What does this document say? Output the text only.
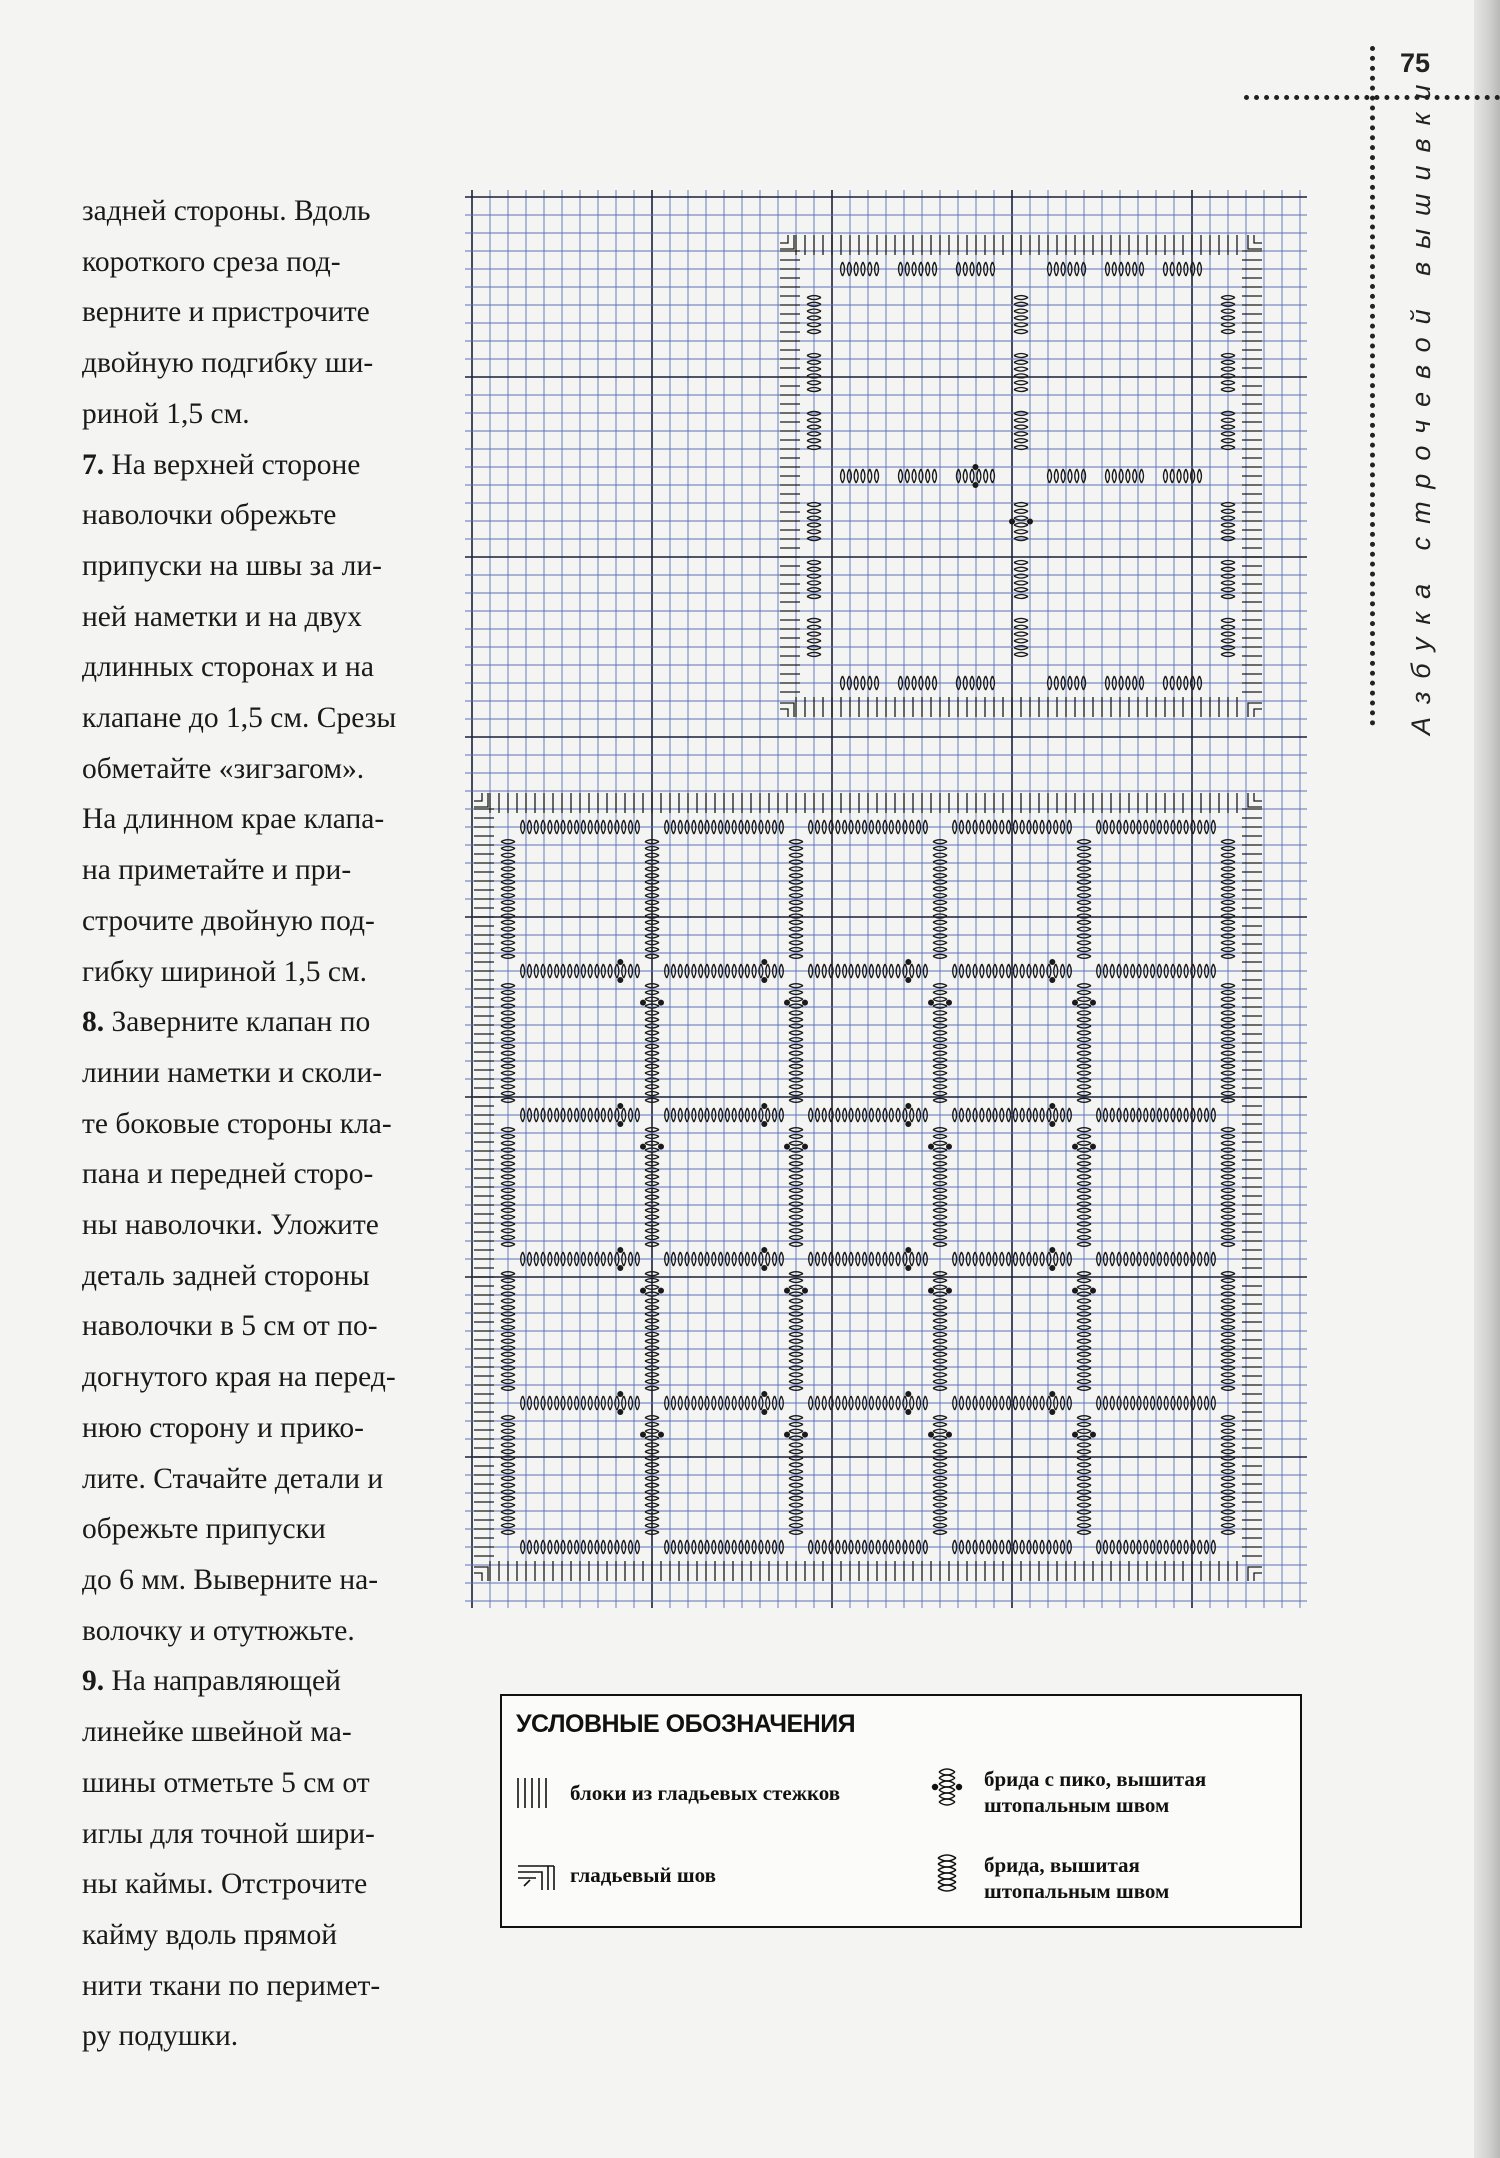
75
Азбука строчевой вышивки
задней стороны. Вдоль
короткого среза под-
верните и пристрочите
двойную подгибку ши-
риной 1,5 см.
7. На верхней стороне
наволочки обрежьте
припуски на швы за ли-
ней наметки и на двух
длинных сторонах и на
клапане до 1,5 см. Срезы
обметайте «зигзагом».
На длинном крае клапа-
на приметайте и при-
строчите двойную под-
гибку шириной 1,5 см.
8. Заверните клапан по
линии наметки и сколи-
те боковые стороны кла-
пана и передней сторо-
ны наволочки. Уложите
деталь задней стороны
наволочки в 5 см от по-
догнутого края на перед-
нюю сторону и прико-
лите. Стачайте детали и
обрежьте припуски
до 6 мм. Выверните на-
волочку и отутюжьте.
9. На направляющей
линейке швейной ма-
шины отметьте 5 см от
иглы для точной шири-
ны каймы. Отстрочите
кайму вдоль прямой
нити ткани по перимет-
ру подушки.
УСЛОВНЫЕ ОБОЗНАЧЕНИЯ
блоки из гладьевых стежков
гладьевый шов
брида с пико, вышитая
штопальным швом
брида, вышитая
штопальным швом
